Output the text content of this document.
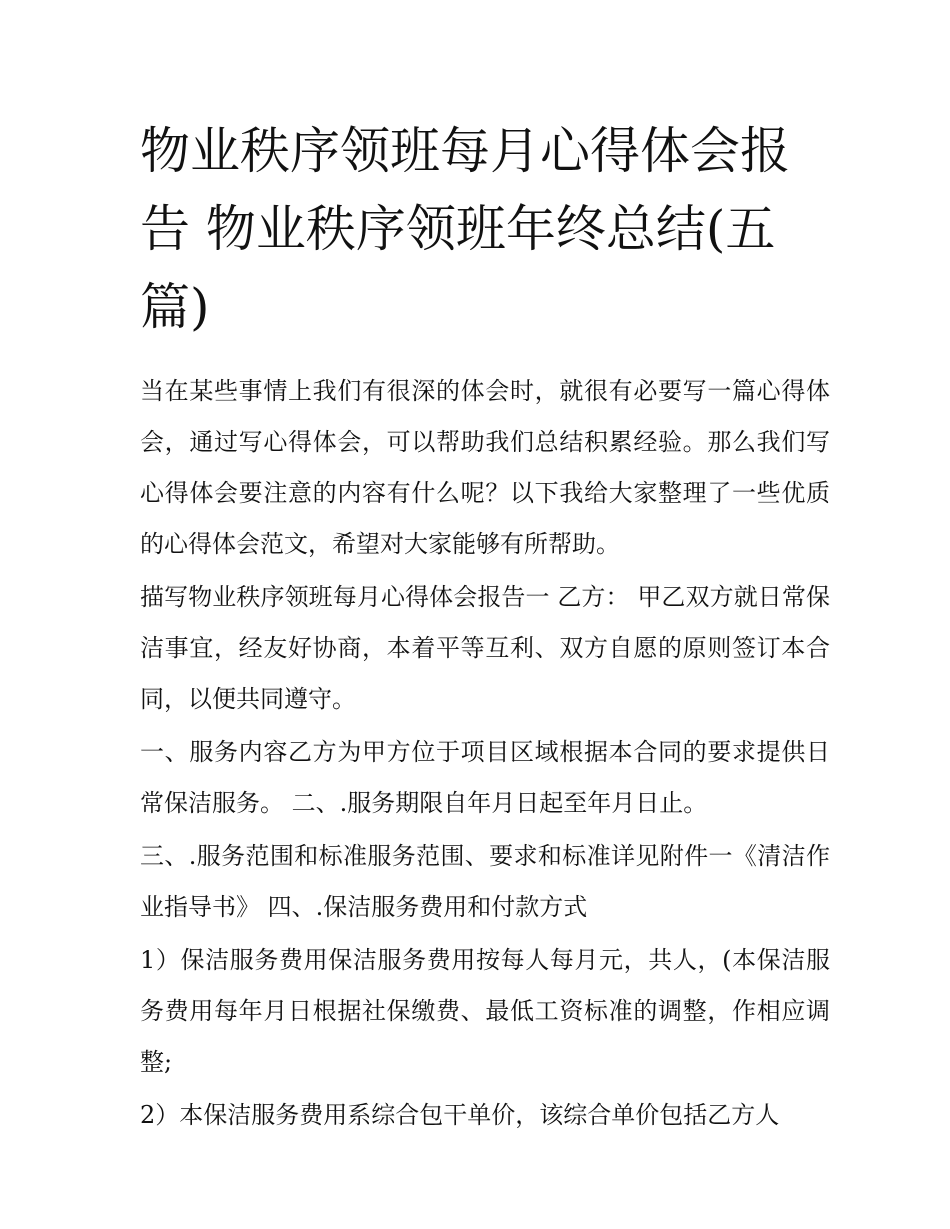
物业秩序领班每月心得体会报告 物业秩序领班年终总结(五篇)

当在某些事情上我们有很深的体会时，就很有必要写一篇心得体会，通过写心得体会，可以帮助我们总结积累经验。那么我们写心得体会要注意的内容有什么呢？以下我给大家整理了一些优质的心得体会范文，希望对大家能够有所帮助。

描写物业秩序领班每月心得体会报告一 乙方： 甲乙双方就日常保洁事宜，经友好协商，本着平等互利、双方自愿的原则签订本合同，以便共同遵守。

一、服务内容乙方为甲方位于项目区域根据本合同的要求提供日常保洁服务。 二、.服务期限自年月日起至年月日止。

三、.服务范围和标准服务范围、要求和标准详见附件一《清洁作业指导书》 四、.保洁服务费用和付款方式

1）保洁服务费用保洁服务费用按每人每月元，共人，(本保洁服务费用每年月日根据社保缴费、最低工资标准的调整，作相应调整;

2）本保洁服务费用系综合包干单价，该综合单价包括乙方人
